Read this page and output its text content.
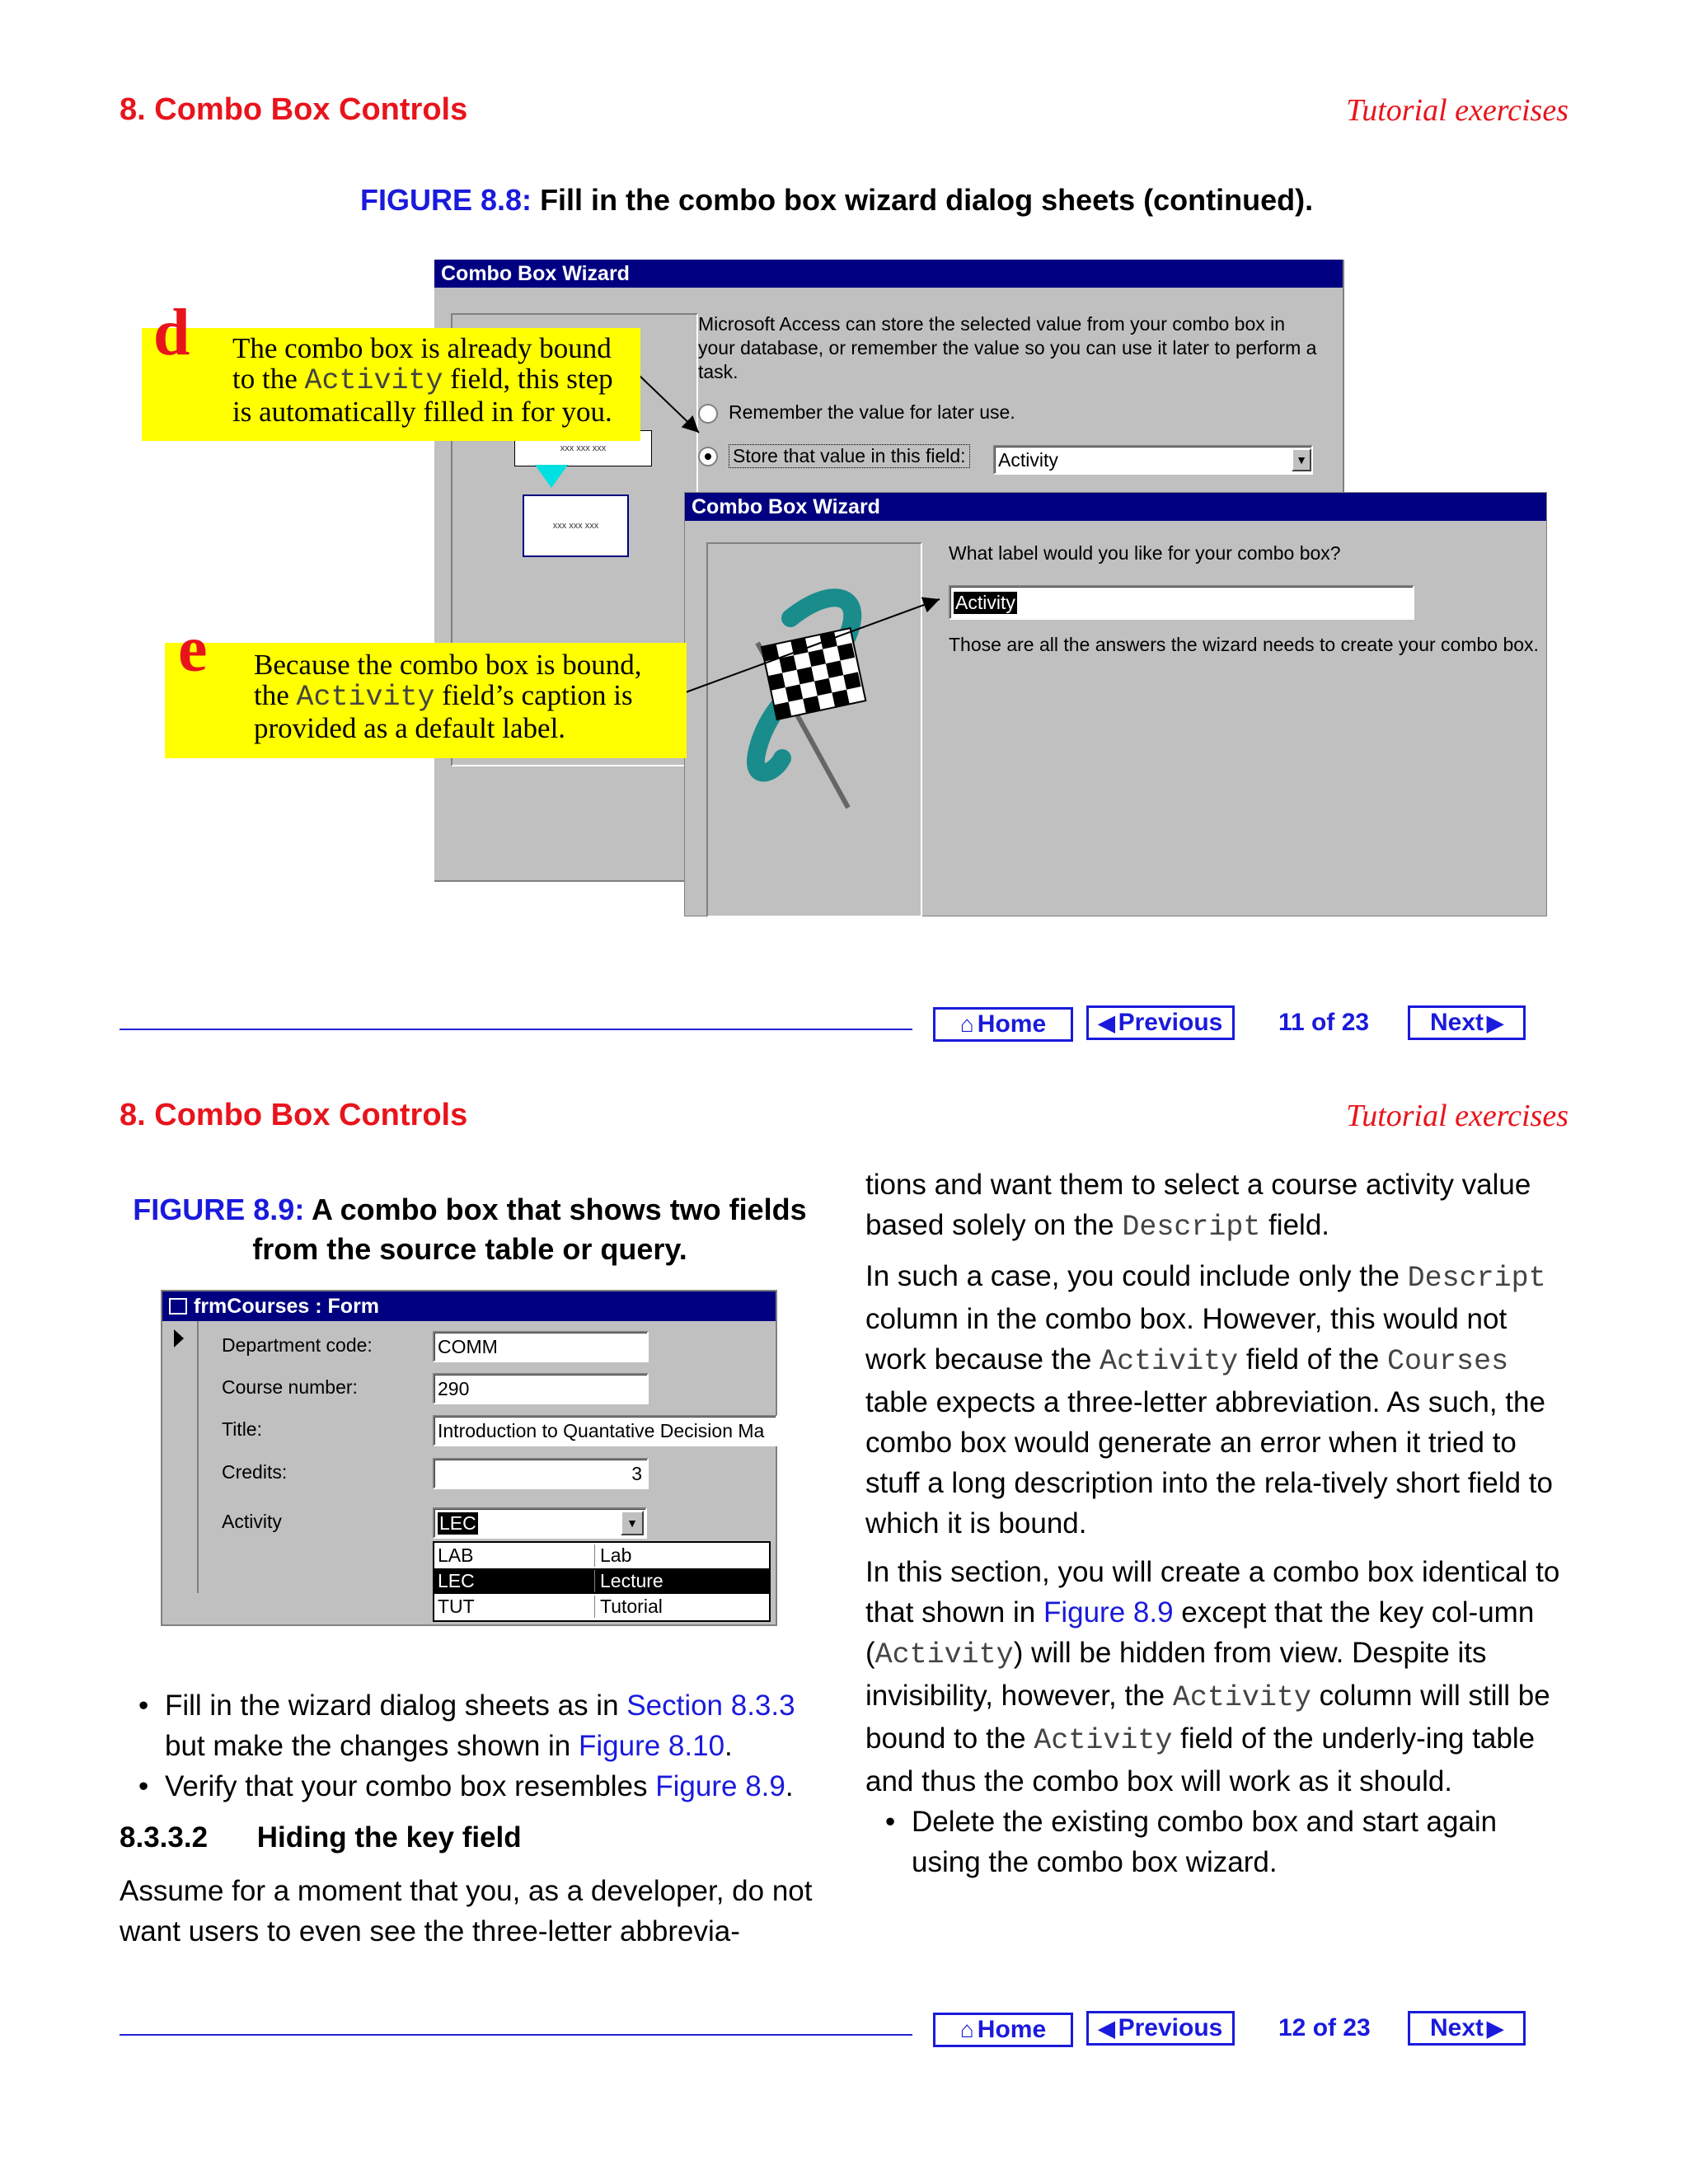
8. Combo Box Controls	Tutorial exercises
FIGURE 8.8: Fill in the combo box wizard dialog sheets (continued).
Combo Box Wizard
xxx xxx xxx
xxx xxx xxx
Microsoft Access can store the selected value from your combo box in your database, or remember the value so you can use it later to perform a task.
Remember the value for later use.
Store that value in this field: Activity	▼
Combo Box Wizard
What label would you like for your combo box?
Activity
Those are all the answers the wizard needs to create your combo box.
d The combo box is already bound to the Activity field, this step is automatically filled in for you.
e Because the combo box is bound, the Activity field’s caption is provided as a default label.
⌂ Home ◀ Previous 11 of 23 Next ▶
8. Combo Box Controls	Tutorial exercises
FIGURE 8.9: A combo box that shows two fields
from the source table or query.
frmCourses : Form
Department code:	COMM
Course number:	290
Title:	Introduction to Quantative Decision Ma
Credits:	3
Activity	LEC	▼
LAB	Lab
LEC	Lecture
TUT	Tutorial
• Fill in the wizard dialog sheets as in Section 8.3.3 but make the changes shown in Figure 8.10.
• Verify that your combo box resembles Figure 8.9.
8.3.3.2 Hiding the key field
Assume for a moment that you, as a developer, do not want users to even see the three-letter abbrevia-
tions and want them to select a course activity value based solely on the Descript field.
In such a case, you could include only the Descript column in the combo box. However, this would not work because the Activity field of the Courses table expects a three-letter abbreviation. As such, the combo box would generate an error when it tried to stuff a long description into the rela-tively short field to which it is bound.
In this section, you will create a combo box identical to that shown in Figure 8.9 except that the key col-umn (Activity) will be hidden from view. Despite its invisibility, however, the Activity column will still be bound to the Activity field of the underly-ing table and thus the combo box will work as it should.
• Delete the existing combo box and start again using the combo box wizard.
⌂ Home ◀ Previous 12 of 23 Next ▶
